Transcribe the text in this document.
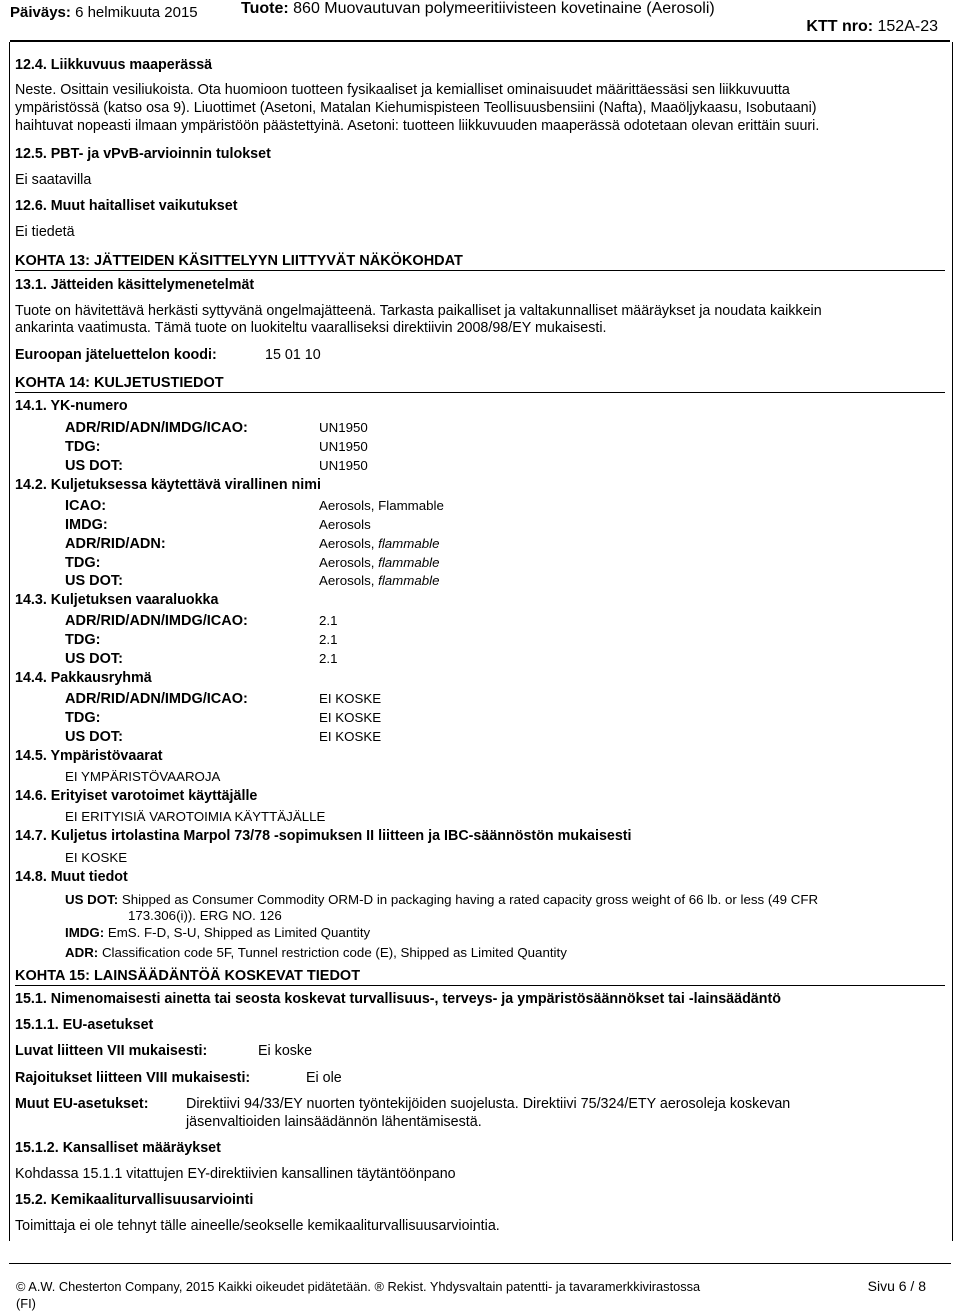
Päiväys: 6 helmikuuta 2015	Tuote: 860 Muovautuvan polymeeritiivisteen kovetinaine (Aerosoli)
KTT nro: 152A-23
12.4. Liikkuvuus maaperässä
Neste. Osittain vesiliukoista. Ota huomioon tuotteen fysikaaliset ja kemialliset ominaisuudet määrittäessäsi sen liikkuvuutta
ympäristössä (katso osa 9). Liuottimet (Asetoni, Matalan Kiehumispisteen Teollisuusbensiini (Nafta), Maaöljykaasu, Isobutaani)
haihtuvat nopeasti ilmaan ympäristöön päästettyinä. Asetoni: tuotteen liikkuvuuden maaperässä odotetaan olevan erittäin suuri.
12.5. PBT- ja vPvB-arvioinnin tulokset
Ei saatavilla
12.6. Muut haitalliset vaikutukset
Ei tiedetä
KOHTA 13: JÄTTEIDEN KÄSITTELYYN LIITTYVÄT NÄKÖKOHDAT
13.1. Jätteiden käsittelymenetelmät
Tuote on hävitettävä herkästi syttyvänä ongelmajätteenä. Tarkasta paikalliset ja valtakunnalliset määräykset ja noudata kaikkein
ankarinta vaatimusta. Tämä tuote on luokiteltu vaaralliseksi direktiivin 2008/98/EY mukaisesti.
Euroopan jäteluettelon koodi:	15 01 10
KOHTA 14: KULJETUSTIEDOT
14.1. YK-numero
ADR/RID/ADN/IMDG/ICAO:	UN1950
TDG:	UN1950
US DOT:	UN1950
14.2. Kuljetuksessa käytettävä virallinen nimi
ICAO:	Aerosols, Flammable
IMDG:	Aerosols
ADR/RID/ADN:	Aerosols, flammable
TDG:	Aerosols, flammable
US DOT:	Aerosols, flammable
14.3. Kuljetuksen vaaraluokka
ADR/RID/ADN/IMDG/ICAO:	2.1
TDG:	2.1
US DOT:	2.1
14.4. Pakkausryhmä
ADR/RID/ADN/IMDG/ICAO:	EI KOSKE
TDG:	EI KOSKE
US DOT:	EI KOSKE
14.5. Ympäristövaarat
EI YMPÄRISTÖVAAROJA
14.6. Erityiset varotoimet käyttäjälle
EI ERITYISIÄ VAROTOIMIA KÄYTTÄJÄLLE
14.7. Kuljetus irtolastina Marpol 73/78 -sopimuksen II liitteen ja IBC-säännöstön mukaisesti
EI KOSKE
14.8. Muut tiedot
US DOT: Shipped as Consumer Commodity ORM-D in packaging having a rated capacity gross weight of 66 lb. or less (49 CFR
173.306(i)). ERG NO. 126
IMDG: EmS. F-D, S-U, Shipped as Limited Quantity
ADR: Classification code 5F, Tunnel restriction code (E), Shipped as Limited Quantity
KOHTA 15: LAINSÄÄDÄNTÖÄ KOSKEVAT TIEDOT
15.1. Nimenomaisesti ainetta tai seosta koskevat turvallisuus-, terveys- ja ympäristösäännökset tai -lainsäädäntö
15.1.1. EU-asetukset
Luvat liitteen VII mukaisesti:	Ei koske
Rajoitukset liitteen VIII mukaisesti:	Ei ole
Muut EU-asetukset:	Direktiivi 94/33/EY nuorten työntekijöiden suojelusta. Direktiivi 75/324/ETY aerosoleja koskevan
jäsenvaltioiden lainsäädännön lähentämisestä.
15.1.2. Kansalliset määräykset
Kohdassa 15.1.1 vitattujen EY-direktiivien kansallinen täytäntöönpano
15.2. Kemikaaliturvallisuusarviointi
Toimittaja ei ole tehnyt tälle aineelle/seokselle kemikaaliturvallisuusarviointia.
© A.W. Chesterton Company, 2015 Kaikki oikeudet pidätetään. ® Rekist. Yhdysvaltain patentti- ja tavaramerkkivirastossa
(FI)
Sivu 6 / 8
